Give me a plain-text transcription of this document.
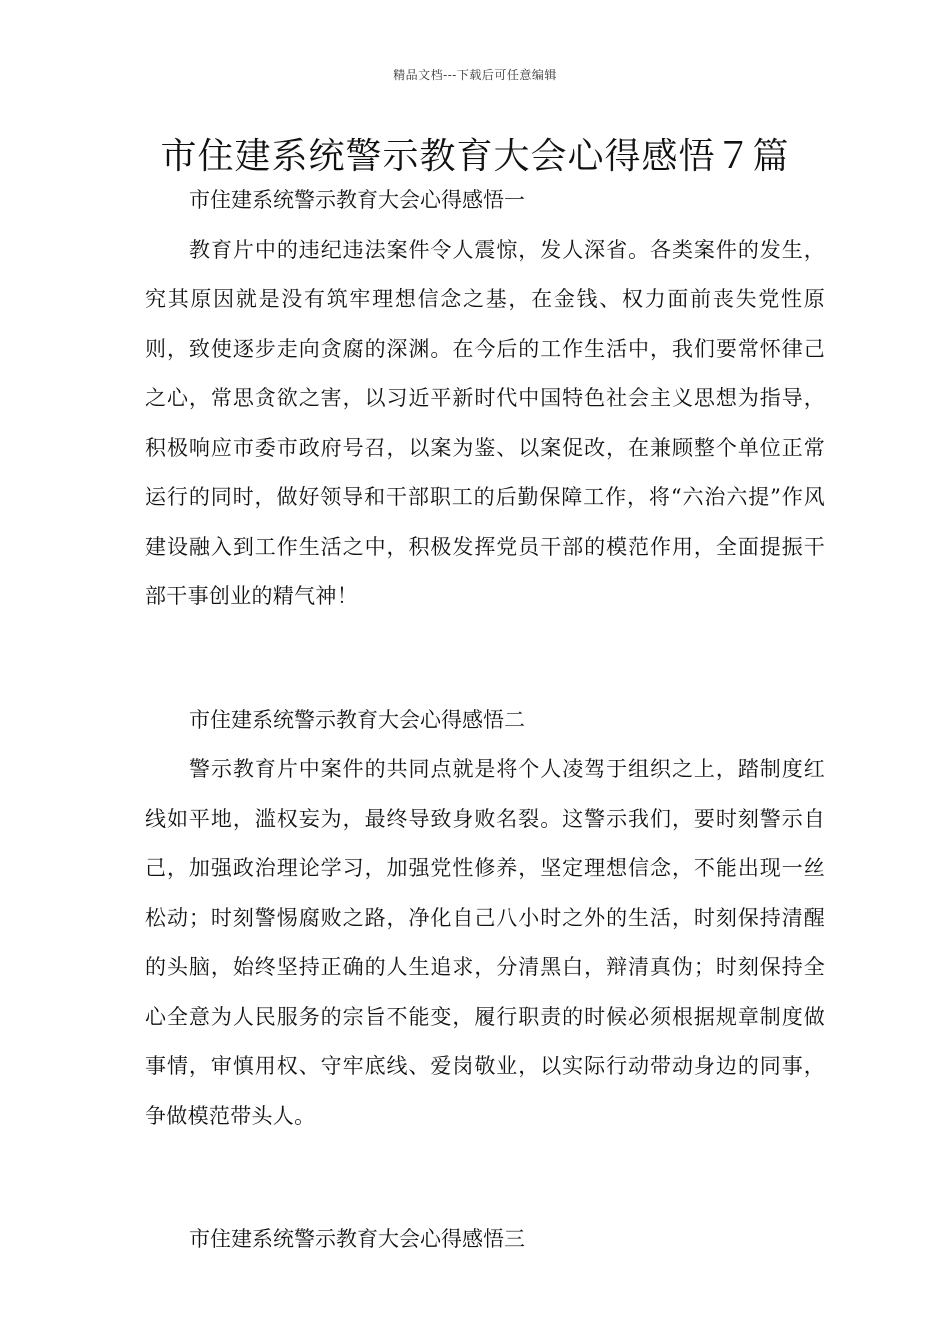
精品文档---下载后可任意编辑
市住建系统警示教育大会心得感悟７篇

市住建系统警示教育大会心得感悟一

教育片中的违纪违法案件令人震惊，发人深省。各类案件的发生，究其原因就是没有筑牢理想信念之基，在金钱、权力面前丧失党性原则，致使逐步走向贪腐的深渊。在今后的工作生活中，我们要常怀律己之心，常思贪欲之害，以习近平新时代中国特色社会主义思想为指导，积极响应市委市政府号召，以案为鉴、以案促改，在兼顾整个单位正常运行的同时，做好领导和干部职工的后勤保障工作，将“六治六提”作风建设融入到工作生活之中，积极发挥党员干部的模范作用，全面提振干部干事创业的精气神！

市住建系统警示教育大会心得感悟二

警示教育片中案件的共同点就是将个人凌驾于组织之上，踏制度红线如平地，滥权妄为，最终导致身败名裂。这警示我们，要时刻警示自己，加强政治理论学习，加强党性修养，坚定理想信念，不能出现一丝松动；时刻警惕腐败之路，净化自己八小时之外的生活，时刻保持清醒的头脑，始终坚持正确的人生追求，分清黑白，辩清真伪；时刻保持全心全意为人民服务的宗旨不能变，履行职责的时候必须根据规章制度做事情，审慎用权、守牢底线、爱岗敬业，以实际行动带动身边的同事，争做模范带头人。

市住建系统警示教育大会心得感悟三
